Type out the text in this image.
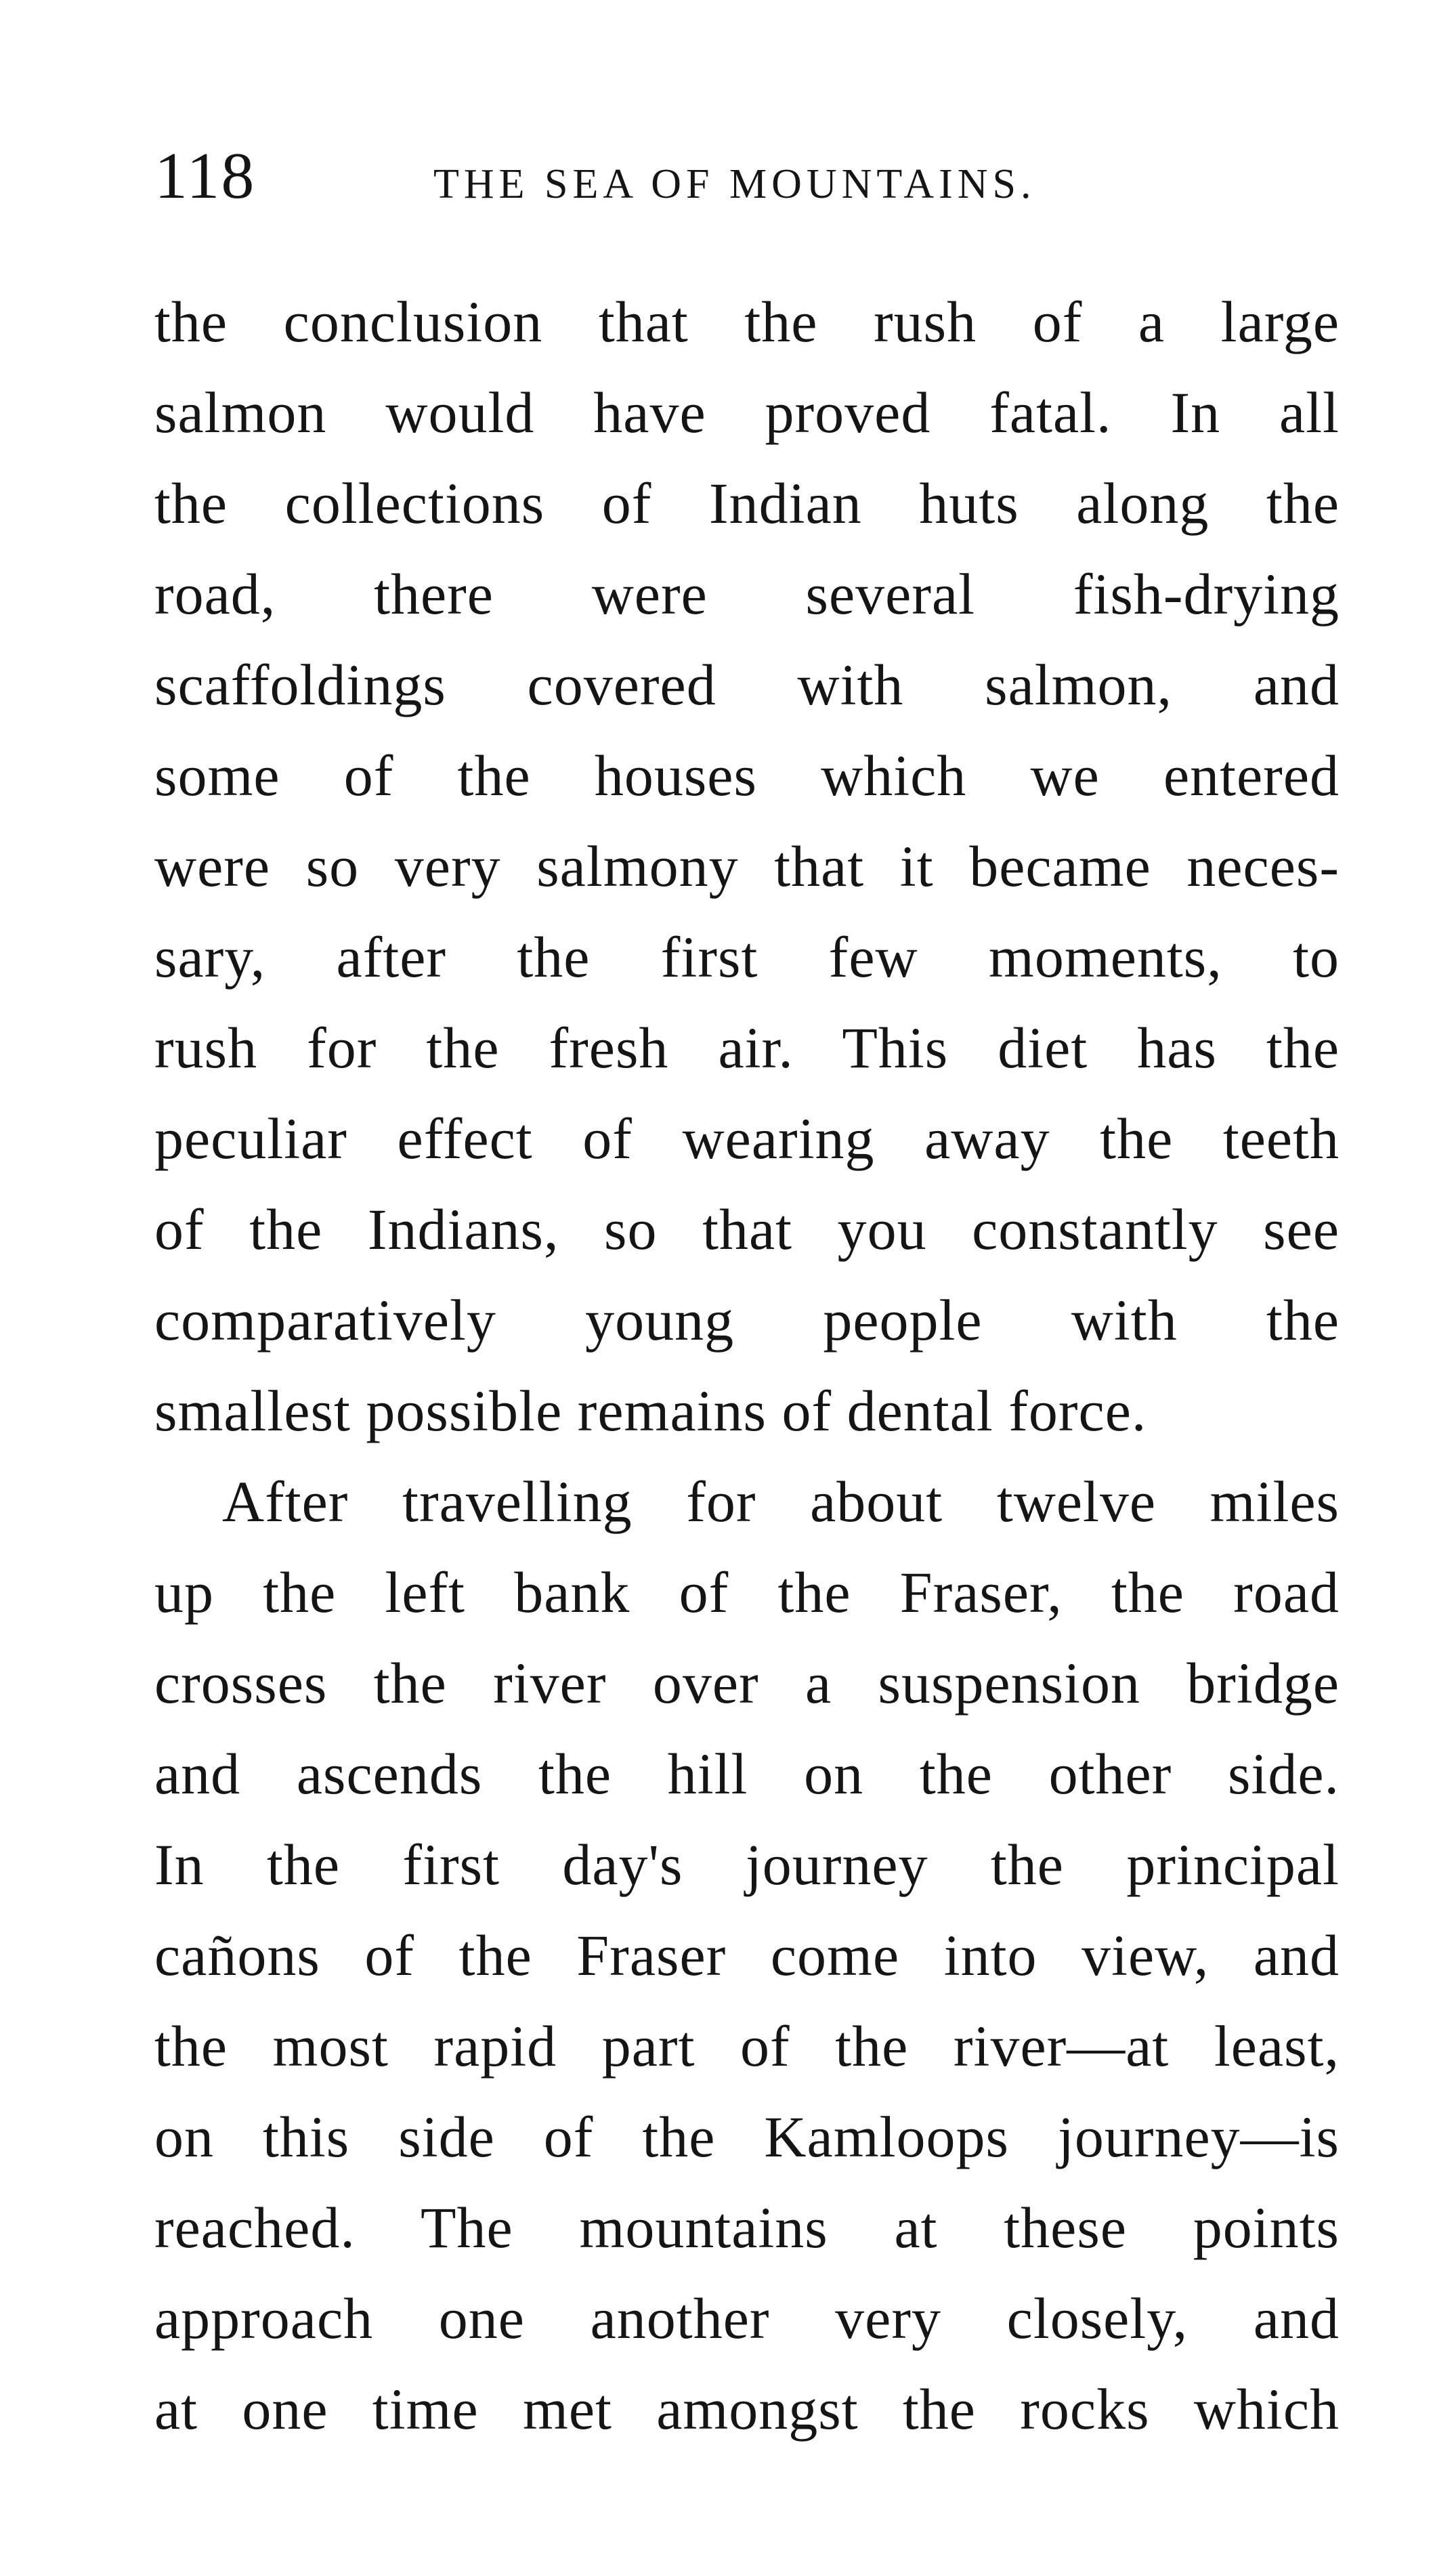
118	THE SEA OF MOUNTAINS.
the conclusion that the rush of a large
salmon would have proved fatal. In all
the collections of Indian huts along the
road, there were several fish-drying
scaffoldings covered with salmon, and
some of the houses which we entered
were so very salmony that it became neces-
sary, after the first few moments, to
rush for the fresh air. This diet has the
peculiar effect of wearing away the teeth
of the Indians, so that you constantly see
comparatively young people with the
smallest possible remains of dental force.
After travelling for about twelve miles
up the left bank of the Fraser, the road
crosses the river over a suspension bridge
and ascends the hill on the other side.
In the first day's journey the principal
cañons of the Fraser come into view, and
the most rapid part of the river—at least,
on this side of the Kamloops journey—is
reached. The mountains at these points
approach one another very closely, and
at one time met amongst the rocks which
